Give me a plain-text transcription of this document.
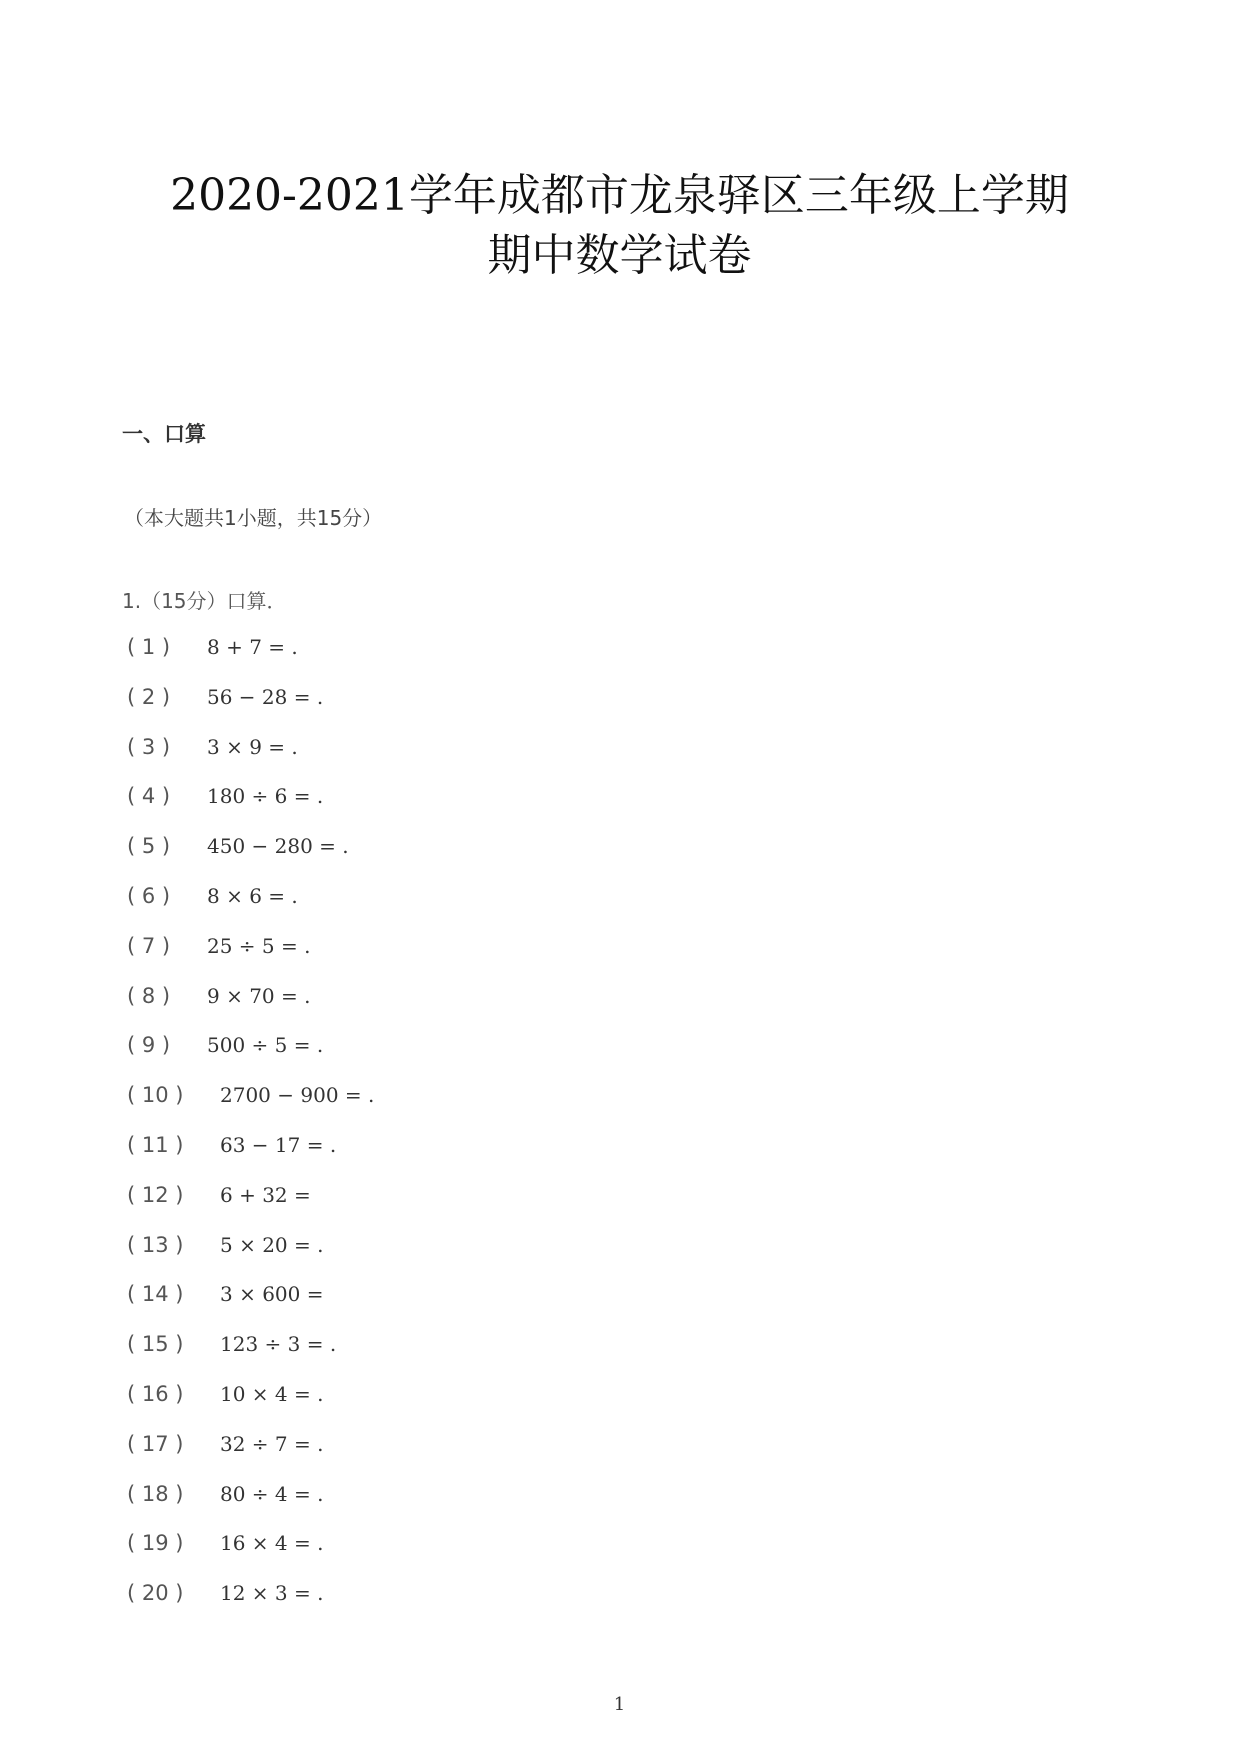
2020-2021学年成都市龙泉驿区三年级上学期
期中数学试卷
一、口算
（本大题共1小题，共15分）
1.（15分）口算．
( 1 ) 8 + 7 = .
( 2 ) 56 − 28 = .
( 3 ) 3 × 9 = .
( 4 ) 180 ÷ 6 = .
( 5 ) 450 − 280 = .
( 6 ) 8 × 6 = .
( 7 ) 25 ÷ 5 = .
( 8 ) 9 × 70 = .
( 9 ) 500 ÷ 5 = .
( 10 ) 2700 − 900 = .
( 11 ) 63 − 17 = .
( 12 ) 6 + 32 =
( 13 ) 5 × 20 = .
( 14 ) 3 × 600 =
( 15 ) 123 ÷ 3 = .
( 16 ) 10 × 4 = .
( 17 ) 32 ÷ 7 = .
( 18 ) 80 ÷ 4 = .
( 19 ) 16 × 4 = .
( 20 ) 12 × 3 = .
1
